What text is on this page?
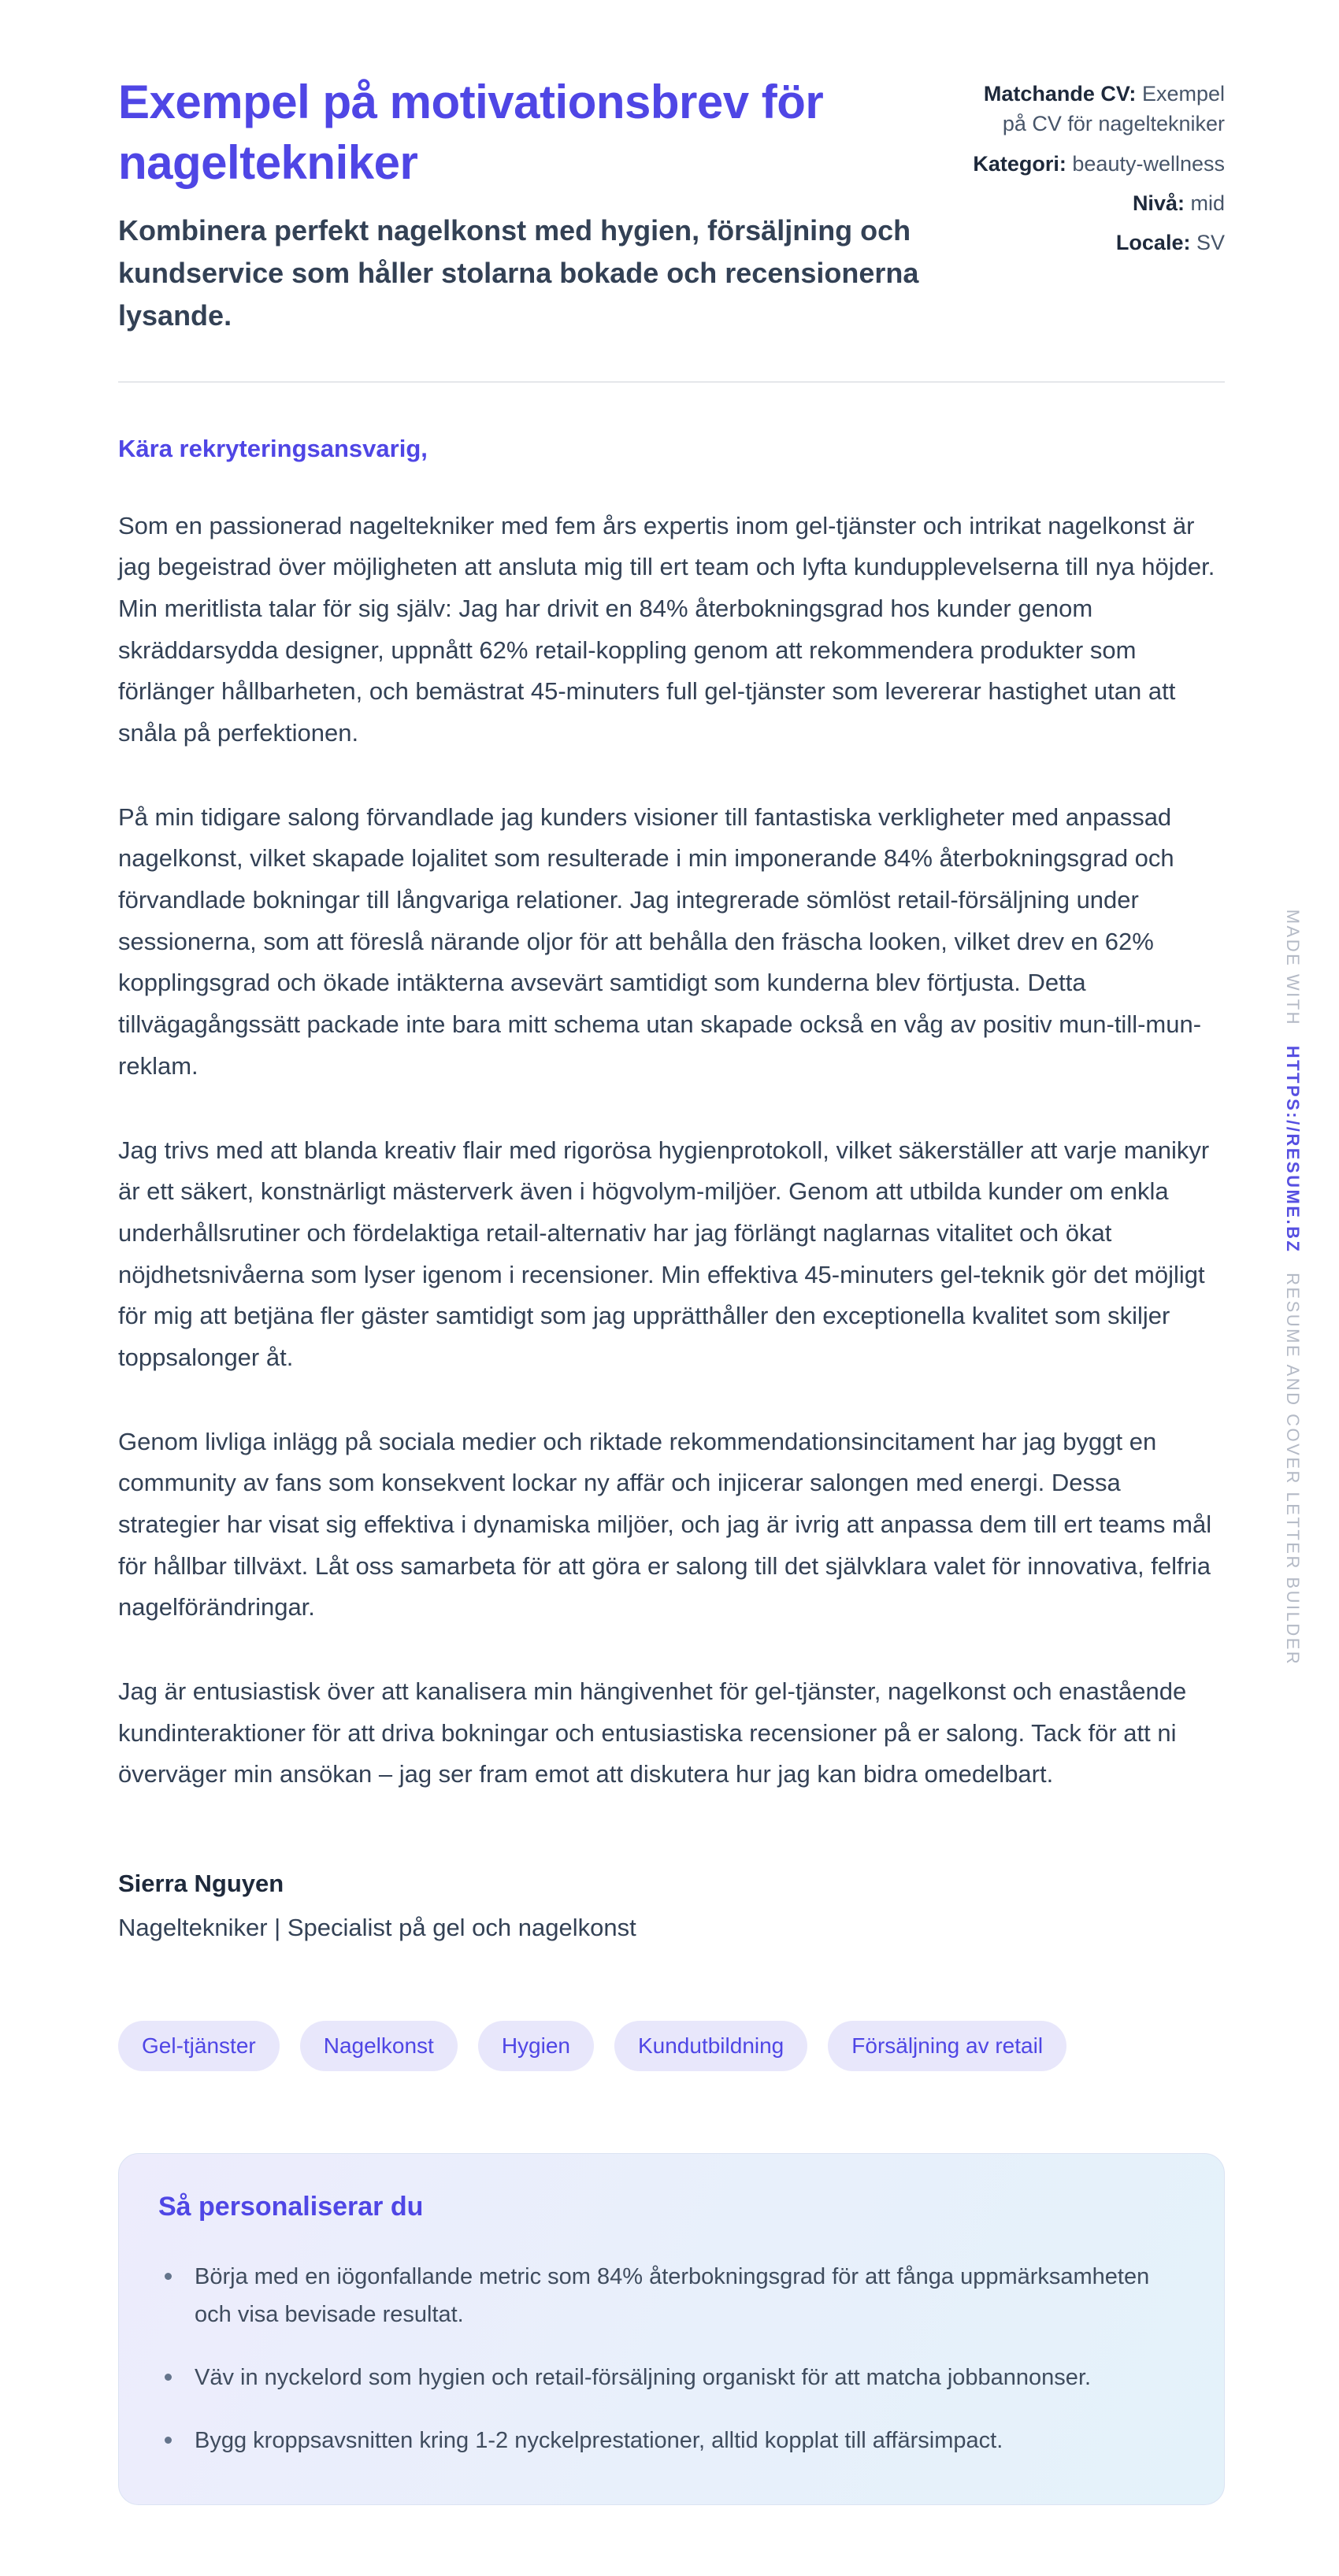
Exempel på motivationsbrev för nageltekniker

Kombinera perfekt nagelkonst med hygien, försäljning och kundservice som håller stolarna bokade och recensionerna lysande.

Matchande CV: Exempel på CV för nageltekniker
Kategori: beauty-wellness
Nivå: mid
Locale: SV

Kära rekryteringsansvarig,

Som en passionerad nageltekniker med fem års expertis inom gel-tjänster och intrikat nagelkonst är jag begeistrad över möjligheten att ansluta mig till ert team och lyfta kundupplevelserna till nya höjder. Min meritlista talar för sig själv: Jag har drivit en 84% återbokningsgrad hos kunder genom skräddarsydda designer, uppnått 62% retail-koppling genom att rekommendera produkter som förlänger hållbarheten, och bemästrat 45-minuters full gel-tjänster som levererar hastighet utan att snåla på perfektionen.

På min tidigare salong förvandlade jag kunders visioner till fantastiska verkligheter med anpassad nagelkonst, vilket skapade lojalitet som resulterade i min imponerande 84% återbokningsgrad och förvandlade bokningar till långvariga relationer. Jag integrerade sömlöst retail-försäljning under sessionerna, som att föreslå närande oljor för att behålla den fräscha looken, vilket drev en 62% kopplingsgrad och ökade intäkterna avsevärt samtidigt som kunderna blev förtjusta. Detta tillvägagångssätt packade inte bara mitt schema utan skapade också en våg av positiv mun-till-mun-reklam.

Jag trivs med att blanda kreativ flair med rigorösa hygienprotokoll, vilket säkerställer att varje manikyr är ett säkert, konstnärligt mästerverk även i högvolym-miljöer. Genom att utbilda kunder om enkla underhållsrutiner och fördelaktiga retail-alternativ har jag förlängt naglarnas vitalitet och ökat nöjdhetsnivåerna som lyser igenom i recensioner. Min effektiva 45-minuters gel-teknik gör det möjligt för mig att betjäna fler gäster samtidigt som jag upprätthåller den exceptionella kvalitet som skiljer toppsalonger åt.

Genom livliga inlägg på sociala medier och riktade rekommendationsincitament har jag byggt en community av fans som konsekvent lockar ny affär och injicerar salongen med energi. Dessa strategier har visat sig effektiva i dynamiska miljöer, och jag är ivrig att anpassa dem till ert teams mål för hållbar tillväxt. Låt oss samarbeta för att göra er salong till det självklara valet för innovativa, felfria nagelförändringar.

Jag är entusiastisk över att kanalisera min hängivenhet för gel-tjänster, nagelkonst och enastående kundinteraktioner för att driva bokningar och entusiastiska recensioner på er salong. Tack för att ni överväger min ansökan – jag ser fram emot att diskutera hur jag kan bidra omedelbart.

Sierra Nguyen

Nageltekniker | Specialist på gel och nagelkonst

Gel-tjänster	Nagelkonst	Hygien	Kundutbildning	Försäljning av retail
Så personaliserar du
Börja med en iögonfallande metric som 84% återbokningsgrad för att fånga uppmärksamheten och visa bevisade resultat.
Väv in nyckelord som hygien och retail-försäljning organiskt för att matcha jobbannonser.
Bygg kroppsavsnitten kring 1-2 nyckelprestationer, alltid kopplat till affärsimpact.
MADE WITH HTTPS://RESUME.BZ RESUME AND COVER LETTER BUILDER
